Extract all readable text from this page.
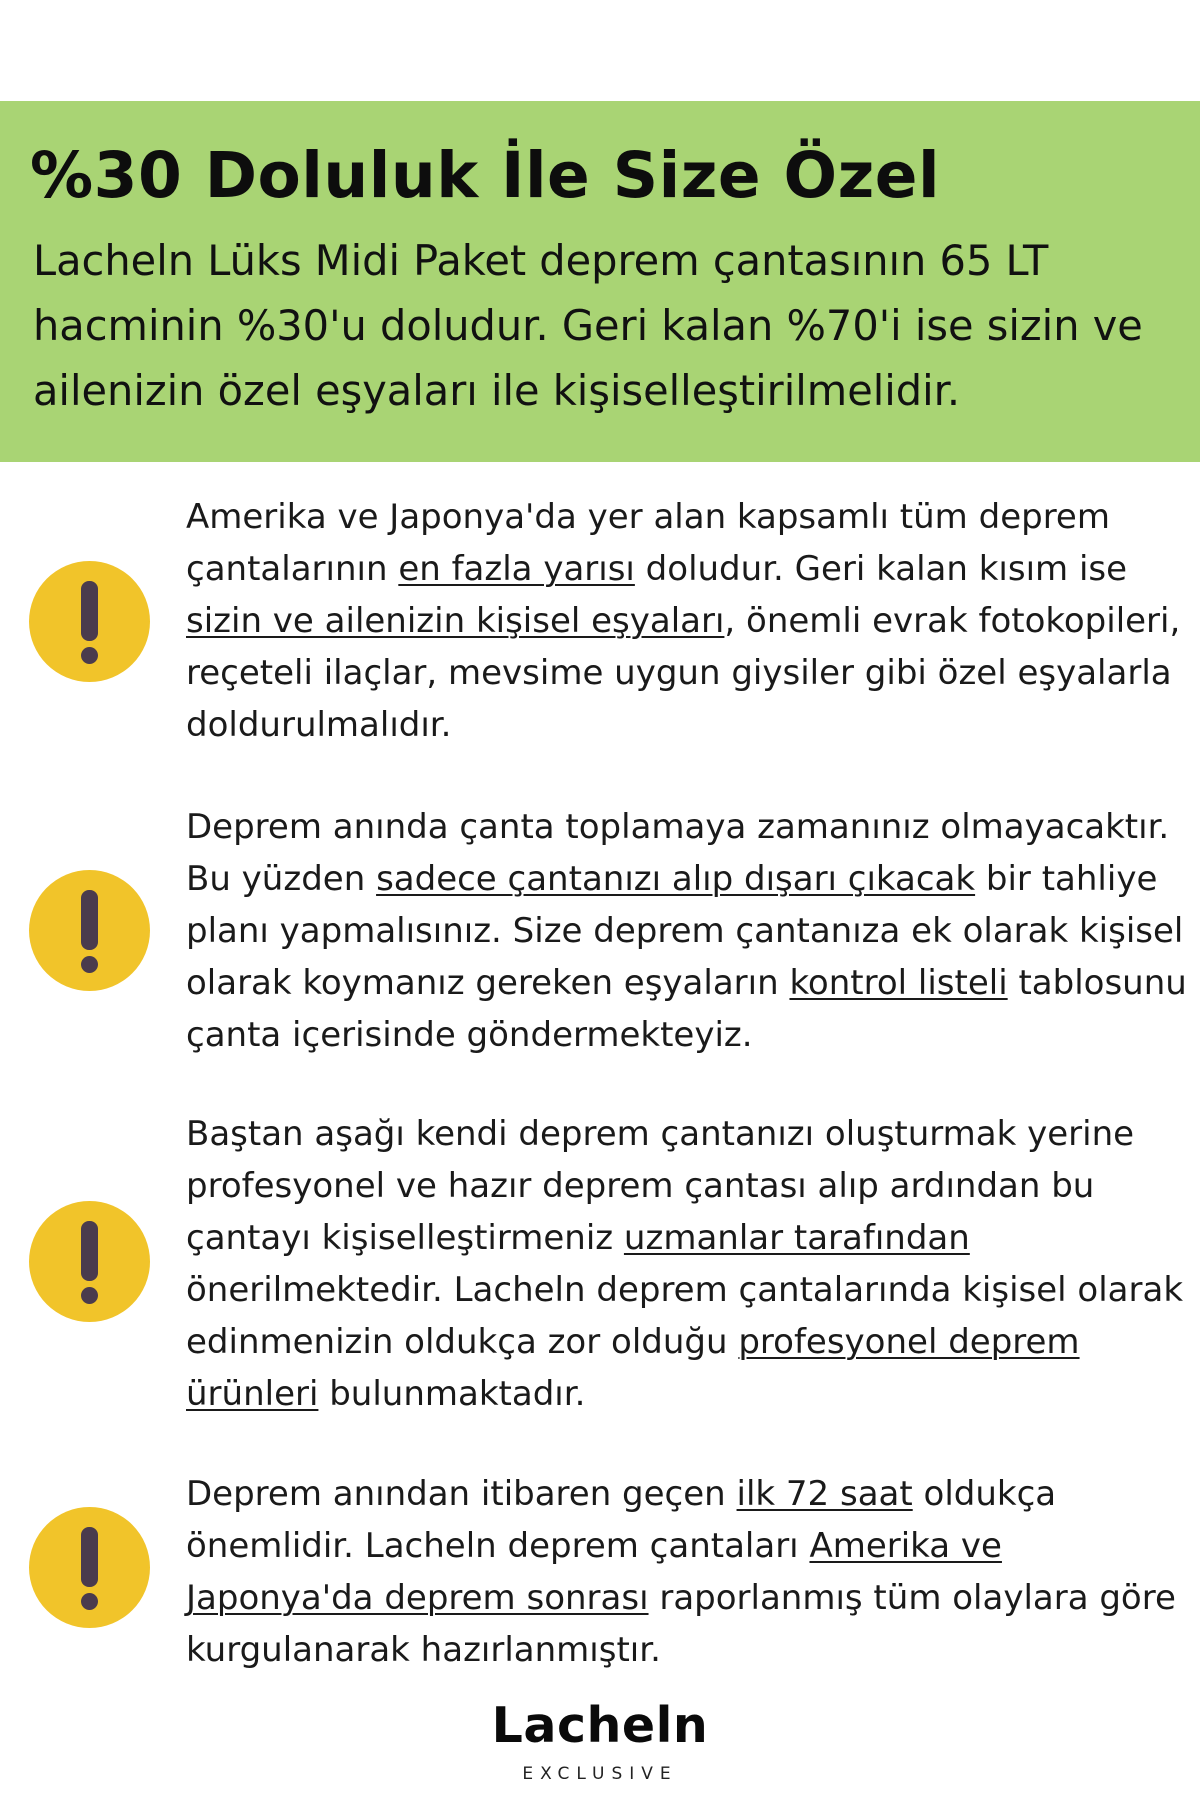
%30 Doluluk İle Size Özel

Lacheln Lüks Midi Paket deprem çantasının 65 LT hacminin %30'u doludur. Geri kalan %70'i ise sizin ve ailenizin özel eşyaları ile kişiselleştirilmelidir.

Amerika ve Japonya'da yer alan kapsamlı tüm deprem çantalarının en fazla yarısı doludur. Geri kalan kısım ise sizin ve ailenizin kişisel eşyaları, önemli evrak fotokopileri, reçeteli ilaçlar, mevsime uygun giysiler gibi özel eşyalarla doldurulmalıdır.

Deprem anında çanta toplamaya zamanınız olmayacaktır. Bu yüzden sadece çantanızı alıp dışarı çıkacak bir tahliye planı yapmalısınız. Size deprem çantanıza ek olarak kişisel olarak koymanız gereken eşyaların kontrol listeli tablosunu çanta içerisinde göndermekteyiz.

Baştan aşağı kendi deprem çantanızı oluşturmak yerine profesyonel ve hazır deprem çantası alıp ardından bu çantayı kişiselleştirmeniz uzmanlar tarafından önerilmektedir. Lacheln deprem çantalarında kişisel olarak edinmenizin oldukça zor olduğu profesyonel deprem ürünleri bulunmaktadır.

Deprem anından itibaren geçen ilk 72 saat oldukça önemlidir. Lacheln deprem çantaları Amerika ve Japonya'da deprem sonrası raporlanmış tüm olaylara göre kurgulanarak hazırlanmıştır.

Lacheln
EXCLUSIVE
